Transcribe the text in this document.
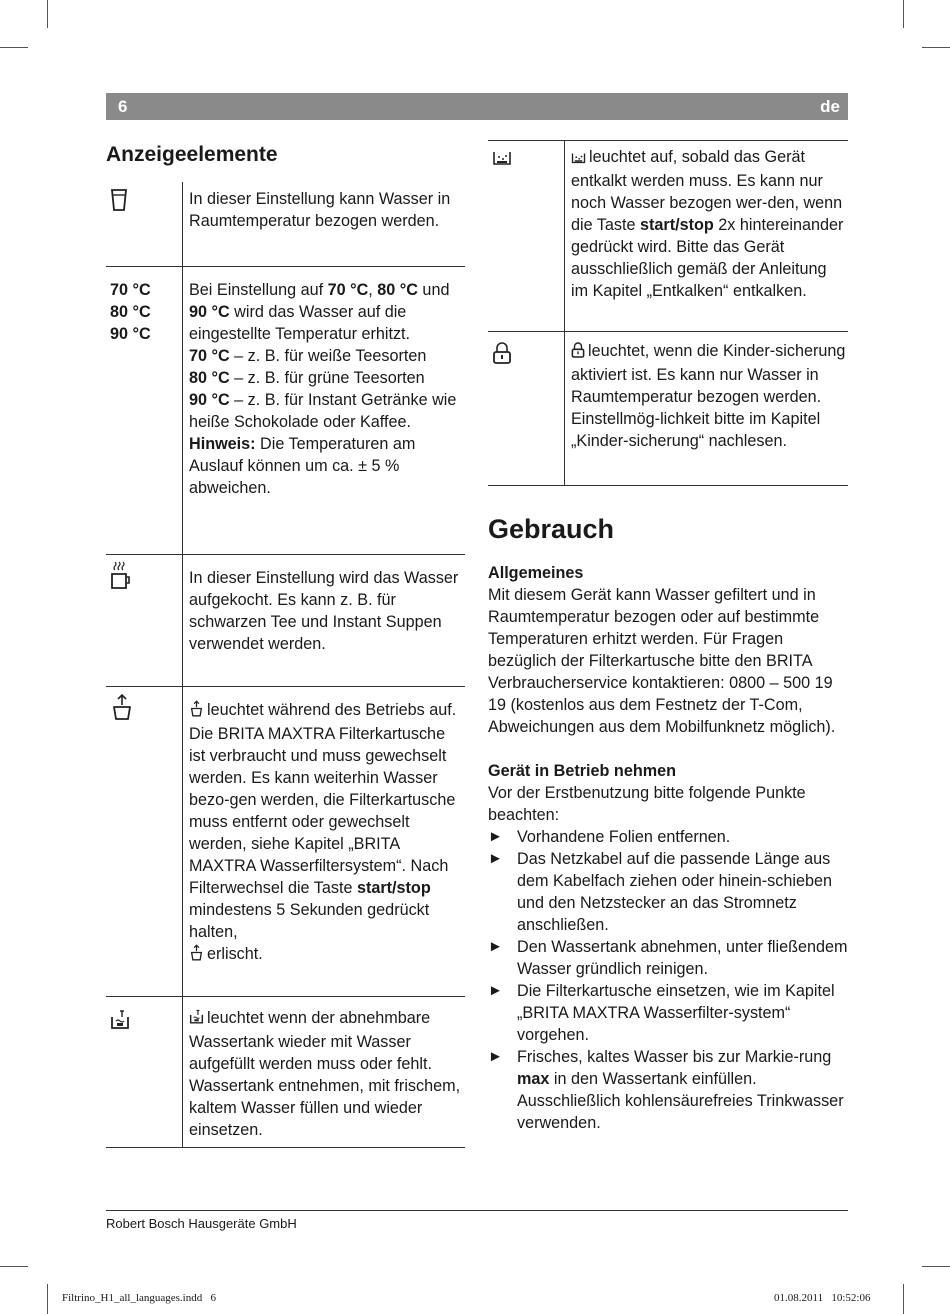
6	de
Anzeigeelemente

In dieser Einstellung kann Wasser in Raumtemperatur bezogen werden.

70 °C
80 °C
90 °C

Bei Einstellung auf 70 °C, 80 °C und 90 °C wird das Wasser auf die eingestellte Temperatur erhitzt.

70 °C – z. B. für weiße Teesorten

80 °C – z. B. für grüne Teesorten

90 °C – z. B. für Instant Getränke wie heiße Schokolade oder Kaffee.

Hinweis: Die Temperaturen am Auslauf können um ca. ± 5 % abweichen.

In dieser Einstellung wird das Wasser aufgekocht. Es kann z. B. für schwarzen Tee und Instant Suppen verwendet werden.

leuchtet während des Betriebs auf. Die BRITA MAXTRA Filterkartusche ist verbraucht und muss gewechselt werden. Es kann weiterhin Wasser bezo-gen werden, die Filterkartusche muss entfernt oder gewechselt werden, siehe Kapitel „BRITA MAXTRA Wasserfiltersystem“. Nach Filterwechsel die Taste start/stop mindestens 5 Sekunden gedrückt halten,

erlischt.

leuchtet wenn der abnehmbare Wassertank wieder mit Wasser aufgefüllt werden muss oder fehlt. Wassertank entnehmen, mit frischem, kaltem Wasser füllen und wieder einsetzen.

leuchtet auf, sobald das Gerät entkalkt werden muss. Es kann nur noch Wasser bezogen wer-den, wenn die Taste start/stop 2x hintereinander gedrückt wird. Bitte das Gerät ausschließlich gemäß der Anleitung im Kapitel „Entkalken“ entkalken.

leuchtet, wenn die Kinder-sicherung aktiviert ist. Es kann nur Wasser in Raumtemperatur bezogen werden. Einstellmög-lichkeit bitte im Kapitel „Kinder-sicherung“ nachlesen.

Gebrauch
Allgemeines

Mit diesem Gerät kann Wasser gefiltert und in Raumtemperatur bezogen oder auf bestimmte Temperaturen erhitzt werden. Für Fragen bezüglich der Filterkartusche bitte den BRITA Verbraucherservice kontaktieren: 0800 – 500 19 19 (kostenlos aus dem Festnetz der T-Com, Abweichungen aus dem Mobilfunknetz möglich).

Gerät in Betrieb nehmen

Vor der Erstbenutzung bitte folgende Punkte beachten:

► Vorhandene Folien entfernen.
► Das Netzkabel auf die passende Länge aus dem Kabelfach ziehen oder hinein-schieben und den Netzstecker an das Stromnetz anschließen.
► Den Wassertank abnehmen, unter fließendem Wasser gründlich reinigen.
► Die Filterkartusche einsetzen, wie im Kapitel „BRITA MAXTRA Wasserfilter-system“ vorgehen.
► Frisches, kaltes Wasser bis zur Markie-rung max in den Wassertank einfüllen. Ausschließlich kohlensäurefreies Trinkwasser verwenden.
Robert Bosch Hausgeräte GmbH
Filtrino_H1_all_languages.indd   6	01.08.2011   10:52:06
